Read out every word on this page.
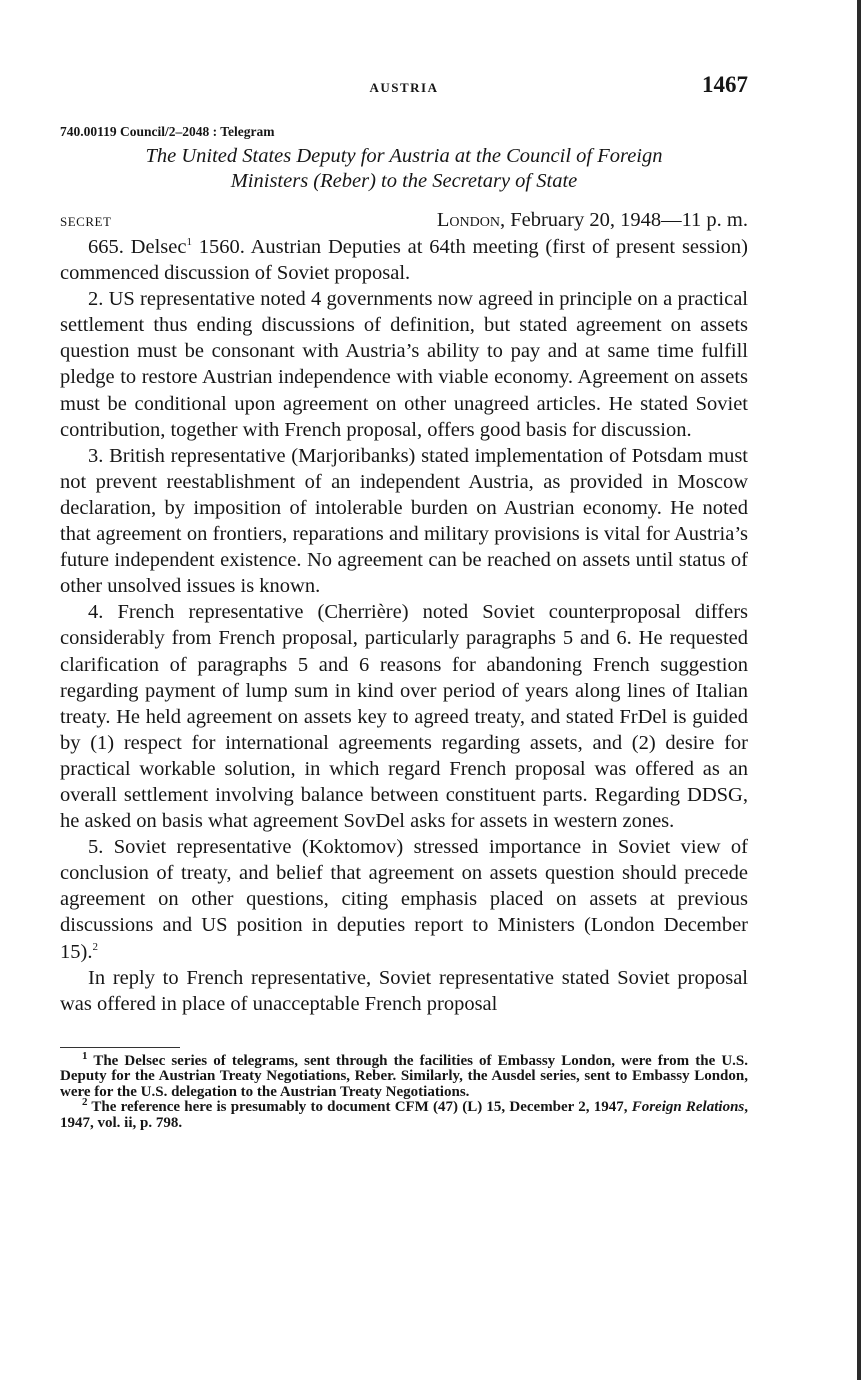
AUSTRIA	1467
740.00119 Council/2–2048 : Telegram
The United States Deputy for Austria at the Council of Foreign
Ministers (Reber) to the Secretary of State
SECRET	London, February 20, 1948—11 p. m.

665. Delsec$^1$ 1560. Austrian Deputies at 64th meeting (first of present session) commenced discussion of Soviet proposal.

2. US representative noted 4 governments now agreed in principle on a practical settlement thus ending discussions of definition, but stated agreement on assets question must be consonant with Austria’s ability to pay and at same time fulfill pledge to restore Austrian independence with viable economy. Agreement on assets must be conditional upon agreement on other unagreed articles. He stated Soviet contribution, together with French proposal, offers good basis for discussion.

3. British representative (Marjoribanks) stated implementation of Potsdam must not prevent reestablishment of an independent Austria, as provided in Moscow declaration, by imposition of intolerable burden on Austrian economy. He noted that agreement on frontiers, reparations and military provisions is vital for Austria’s future independent existence. No agreement can be reached on assets until status of other unsolved issues is known.

4. French representative (Cherrière) noted Soviet counterproposal differs considerably from French proposal, particularly paragraphs 5 and 6. He requested clarification of paragraphs 5 and 6 reasons for abandoning French suggestion regarding payment of lump sum in kind over period of years along lines of Italian treaty. He held agreement on assets key to agreed treaty, and stated FrDel is guided by (1) respect for international agreements regarding assets, and (2) desire for practical workable solution, in which regard French proposal was offered as an overall settlement involving balance between constituent parts. Regarding DDSG, he asked on basis what agreement SovDel asks for assets in western zones.

5. Soviet representative (Koktomov) stressed importance in Soviet view of conclusion of treaty, and belief that agreement on assets question should precede agreement on other questions, citing emphasis placed on assets at previous discussions and US position in deputies report to Ministers (London December 15).$^2$

In reply to French representative, Soviet representative stated Soviet proposal was offered in place of unacceptable French proposal

$^1$ The Delsec series of telegrams, sent through the facilities of Embassy London, were from the U.S. Deputy for the Austrian Treaty Negotiations, Reber. Similarly, the Ausdel series, sent to Embassy London, were for the U.S. delegation to the Austrian Treaty Negotiations.

$^2$ The reference here is presumably to document CFM (47) (L) 15, December 2, 1947, Foreign Relations, 1947, vol. ii, p. 798.
